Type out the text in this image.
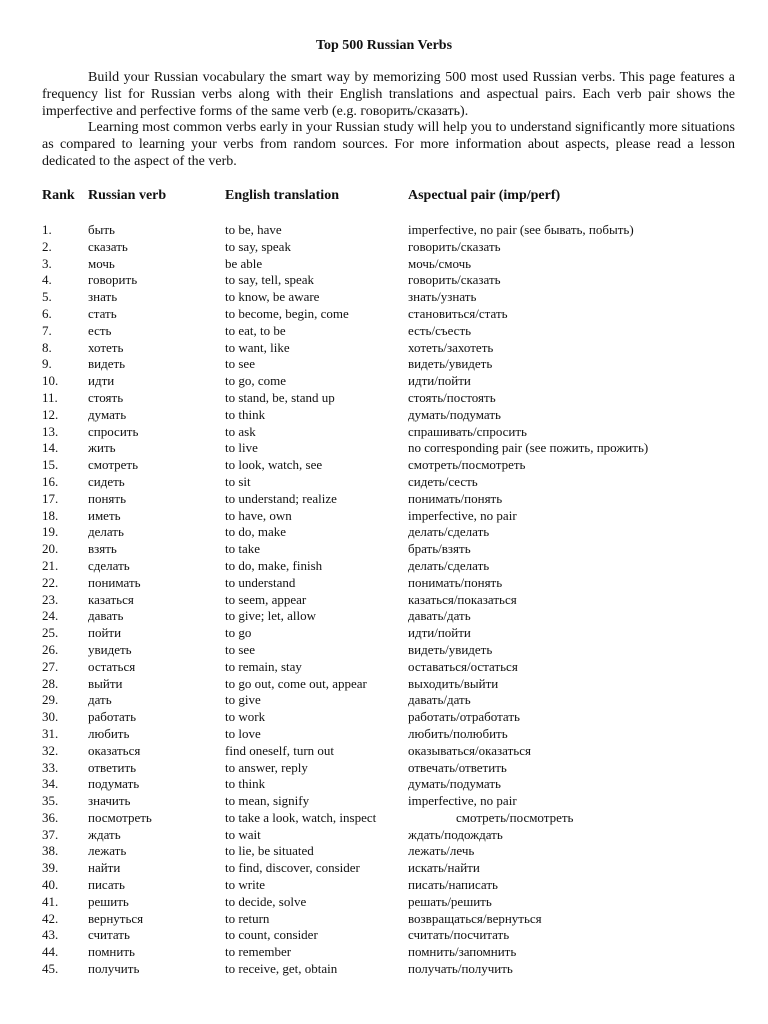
Top 500 Russian Verbs

Build your Russian vocabulary the smart way by memorizing 500 most used Russian verbs. This page features a frequency list for Russian verbs along with their English translations and aspectual pairs. Each verb pair shows the imperfective and perfective forms of the same verb (e.g. говорить/сказать).

Learning most common verbs early in your Russian study will help you to understand significantly more situations as compared to learning your verbs from random sources. For more information about aspects, please read a lesson dedicated to the aspect of the verb.

Rank Russian verb	English translation	Aspectual pair (imp/perf)
1.	быть	to be, have	imperfective, no pair (see бывать, побыть)
2.	сказать	to say, speak	говорить/сказать
3.	мочь	be able	мочь/смочь
4.	говорить	to say, tell, speak	говорить/сказать
5.	знать	to know, be aware	знать/узнать
6.	стать	to become, begin, come	становиться/стать
7.	есть	to eat, to be	есть/съесть
8.	хотеть	to want, like	хотеть/захотеть
9.	видеть	to see	видеть/увидеть
10. идти	to go, come	идти/пойти
11. стоять	to stand, be, stand up	стоять/постоять
12. думать	to think	думать/подумать
13. спросить	to ask	спрашивать/спросить
14. жить	to live	no corresponding pair (see пожить, прожить)
15. смотреть	to look, watch, see	смотреть/посмотреть
16. сидеть	to sit	сидеть/сесть
17. понять	to understand; realize	понимать/понять
18. иметь	to have, own	imperfective, no pair
19. делать	to do, make	делать/сделать
20. взять	to take	брать/взять
21. сделать	to do, make, finish	делать/сделать
22. понимать	to understand	понимать/понять
23. казаться	to seem, appear	казаться/показаться
24. давать	to give; let, allow	давать/дать
25. пойти	to go	идти/пойти
26. увидеть	to see	видеть/увидеть
27. остаться	to remain, stay	оставаться/остаться
28. выйти	to go out, come out, appear	выходить/выйти
29. дать	to give	давать/дать
30. работать	to work	работать/отработать
31. любить	to love	любить/полюбить
32. оказаться	find oneself, turn out	оказываться/оказаться
33. ответить	to answer, reply	отвечать/ответить
34. подумать	to think	думать/подумать
35. значить	to mean, signify	imperfective, no pair
36. посмотреть	to take a look, watch, inspect	смотреть/посмотреть
37. ждать	to wait	ждать/подождать
38. лежать	to lie, be situated	лежать/лечь
39. найти	to find, discover, consider	искать/найти
40. писать	to write	писать/написать
41. решить	to decide, solve	решать/решить
42. вернуться	to return	возвращаться/вернуться
43. считать	to count, consider	считать/посчитать
44. помнить	to remember	помнить/запомнить
45. получить	to receive, get, obtain	получать/получить
